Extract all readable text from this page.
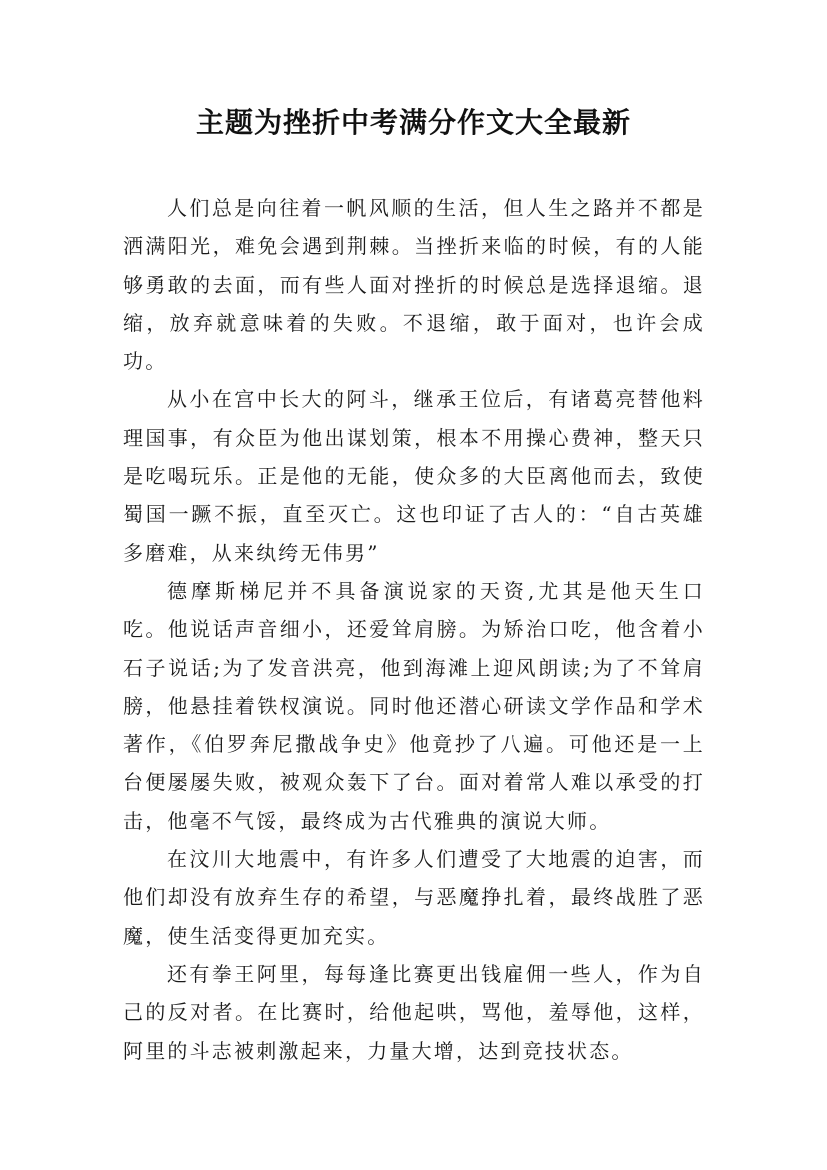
主题为挫折中考满分作文大全最新

人们总是向往着一帆风顺的生活，但人生之路并不都是洒满阳光，难免会遇到荆棘。当挫折来临的时候，有的人能够勇敢的去面，而有些人面对挫折的时候总是选择退缩。退缩，放弃就意味着的失败。不退缩，敢于面对，也许会成功。

从小在宫中长大的阿斗，继承王位后，有诸葛亮替他料理国事，有众臣为他出谋划策，根本不用操心费神，整天只是吃喝玩乐。正是他的无能，使众多的大臣离他而去，致使蜀国一蹶不振，直至灭亡。这也印证了古人的：“自古英雄多磨难，从来纨绔无伟男”

德摩斯梯尼并不具备演说家的天资,尤其是他天生口吃。他说话声音细小，还爱耸肩膀。为矫治口吃，他含着小石子说话;为了发音洪亮，他到海滩上迎风朗读;为了不耸肩膀，他悬挂着铁杈演说。同时他还潜心研读文学作品和学术著作，《伯罗奔尼撒战争史》他竟抄了八遍。可他还是一上台便屡屡失败，被观众轰下了台。面对着常人难以承受的打击，他毫不气馁，最终成为古代雅典的演说大师。

在汶川大地震中，有许多人们遭受了大地震的迫害，而他们却没有放弃生存的希望，与恶魔挣扎着，最终战胜了恶魔，使生活变得更加充实。

还有拳王阿里，每每逢比赛更出钱雇佣一些人，作为自己的反对者。在比赛时，给他起哄，骂他，羞辱他，这样，阿里的斗志被刺激起来，力量大增，达到竞技状态。
